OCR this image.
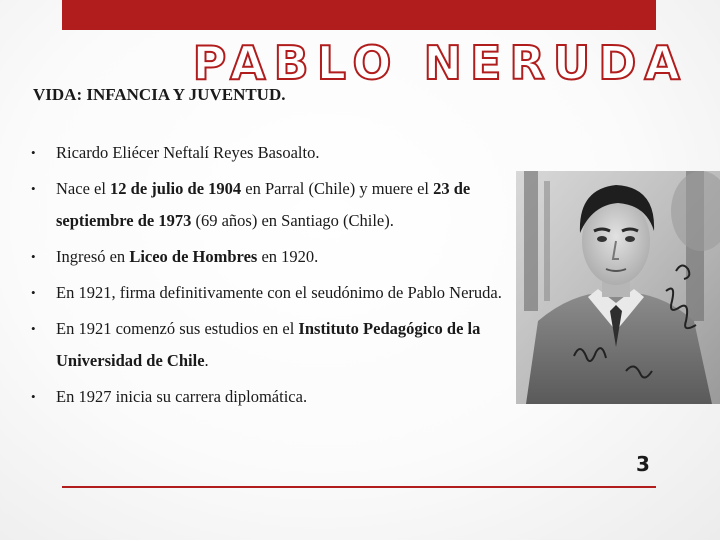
PABLO NERUDA
VIDA: INFANCIA Y JUVENTUD.
• Ricardo Eliécer Neftalí Reyes Basoalto.
• Nace el 12 de julio de 1904 en Parral (Chile) y muere el 23 de septiembre de 1973 (69 años) en Santiago (Chile).
• Ingresó en Liceo de Hombres en 1920.
• En 1921, firma definitivamente con el seudónimo de Pablo Neruda.
• En 1921 comenzó sus estudios en el Instituto Pedagógico de la Universidad de Chile.
• En 1927 inicia su carrera diplomática.
3
